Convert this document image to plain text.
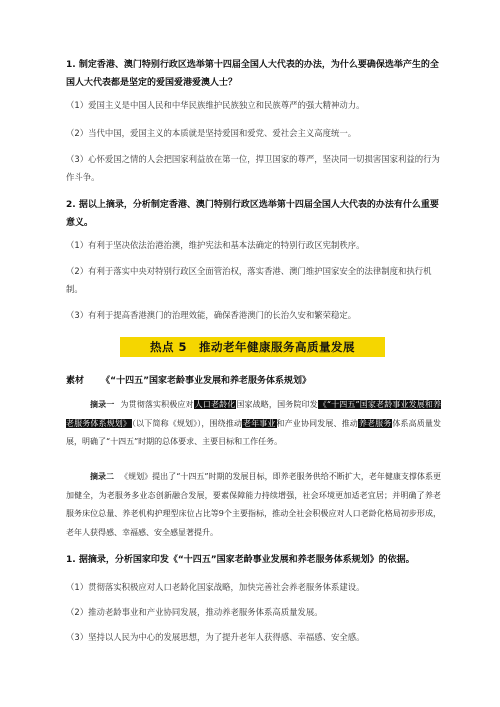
1. 制定香港、澳门特别行政区选举第十四届全国人大代表的办法，为什么要确保选举产生的全国人大代表都是坚定的爱国爱港爱澳人士？
（1）爱国主义是中国人民和中华民族维护民族独立和民族尊严的强大精神动力。
（2）当代中国，爱国主义的本质就是坚持爱国和爱党、爱社会主义高度统一。
（3）心怀爱国之情的人会把国家利益放在第一位，捍卫国家的尊严，坚决同一切损害国家利益的行为作斗争。
2. 据以上摘录，分析制定香港、澳门特别行政区选举第十四届全国人大代表的办法有什么重要意义。
（1）有利于坚决依法治港治澳，维护宪法和基本法确定的特别行政区宪制秩序。
（2）有利于落实中央对特别行政区全面管治权，落实香港、澳门维护国家安全的法律制度和执行机制。
（3）有利于提高香港澳门的治理效能，确保香港澳门的长治久安和繁荣稳定。
热点 5 推动老年健康服务高质量发展
素材 《“十四五”国家老龄事业发展和养老服务体系规划》
摘录一 为贯彻落实积极应对人口老龄化国家战略，国务院印发《“十四五”国家老龄事业发展和养老服务体系规划》（以下简称《规划》），围绕推动老年事业和产业协同发展、推动养老服务体系高质量发展，明确了“十四五”时期的总体要求、主要目标和工作任务。
摘录二 《规划》提出了“十四五”时期的发展目标，即养老服务供给不断扩大，老年健康支撑体系更加健全，为老服务多业态创新融合发展，要素保障能力持续增强，社会环境更加适老宜居；并明确了养老服务床位总量、养老机构护理型床位占比等9个主要指标，推动全社会积极应对人口老龄化格局初步形成，老年人获得感、幸福感、安全感显著提升。
1. 据摘录，分析国家印发《“十四五”国家老龄事业发展和养老服务体系规划》的依据。
（1）贯彻落实积极应对人口老龄化国家战略，加快完善社会养老服务体系建设。
（2）推动老龄事业和产业协同发展，推动养老服务体系高质量发展。
（3）坚持以人民为中心的发展思想，为了提升老年人获得感、幸福感、安全感。
